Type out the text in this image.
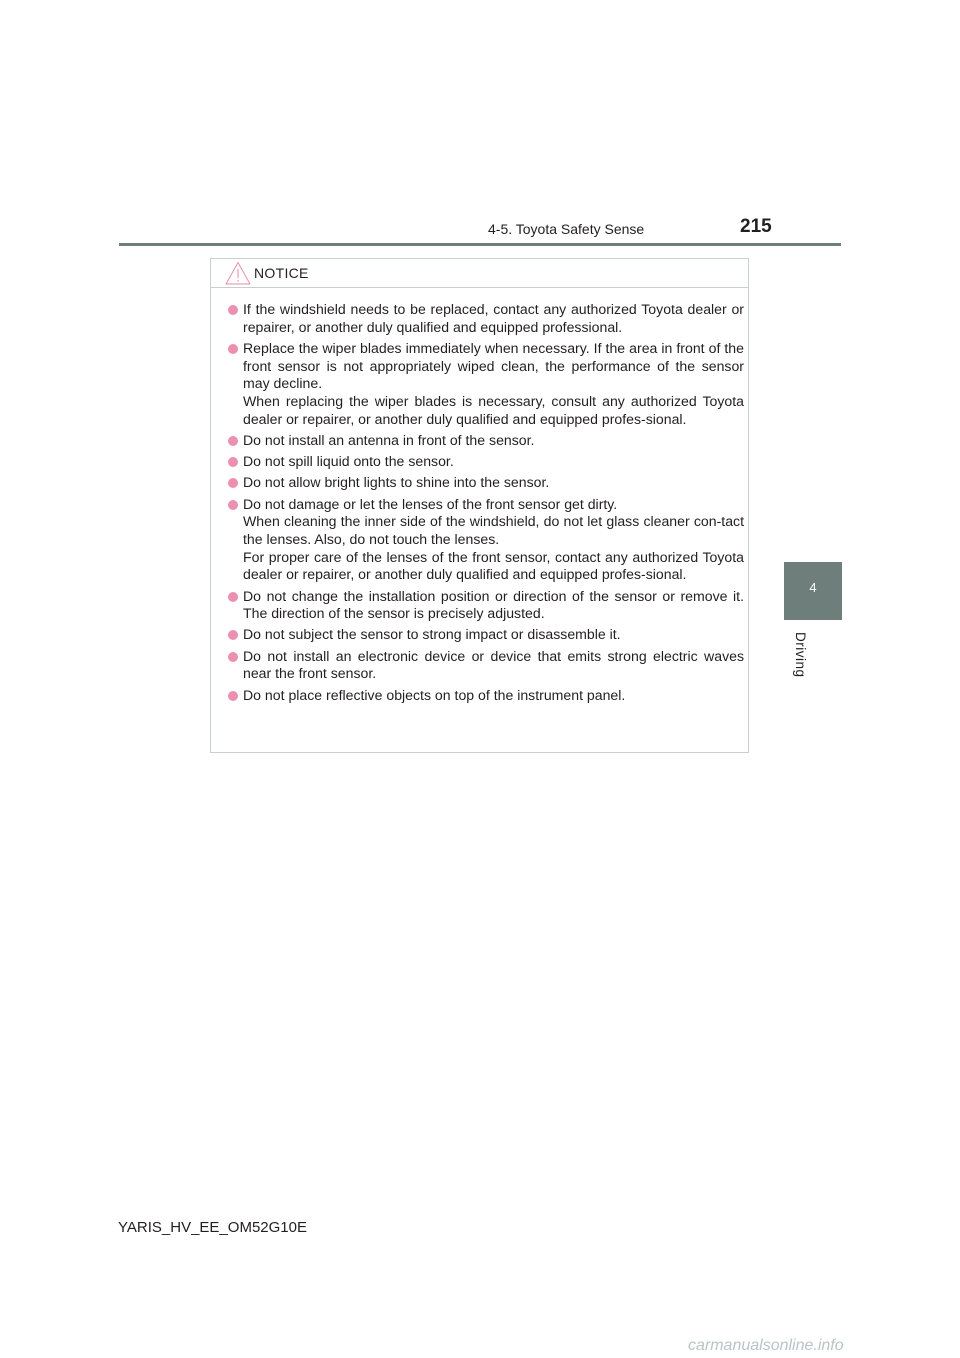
4-5. Toyota Safety Sense	215
4
Driving
NOTICE
If the windshield needs to be replaced, contact any authorized Toyota dealer or repairer, or another duly qualified and equipped professional.
Replace the wiper blades immediately when necessary. If the area in front of the front sensor is not appropriately wiped clean, the performance of the sensor may decline.
When replacing the wiper blades is necessary, consult any authorized Toyota dealer or repairer, or another duly qualified and equipped profes-sional.
Do not install an antenna in front of the sensor.
Do not spill liquid onto the sensor.
Do not allow bright lights to shine into the sensor.
Do not damage or let the lenses of the front sensor get dirty.
When cleaning the inner side of the windshield, do not let glass cleaner con-tact the lenses. Also, do not touch the lenses.
For proper care of the lenses of the front sensor, contact any authorized Toyota dealer or repairer, or another duly qualified and equipped profes-sional.
Do not change the installation position or direction of the sensor or remove it. The direction of the sensor is precisely adjusted.
Do not subject the sensor to strong impact or disassemble it.
Do not install an electronic device or device that emits strong electric waves near the front sensor.
Do not place reflective objects on top of the instrument panel.
YARIS_HV_EE_OM52G10E
carmanualsonline.info
